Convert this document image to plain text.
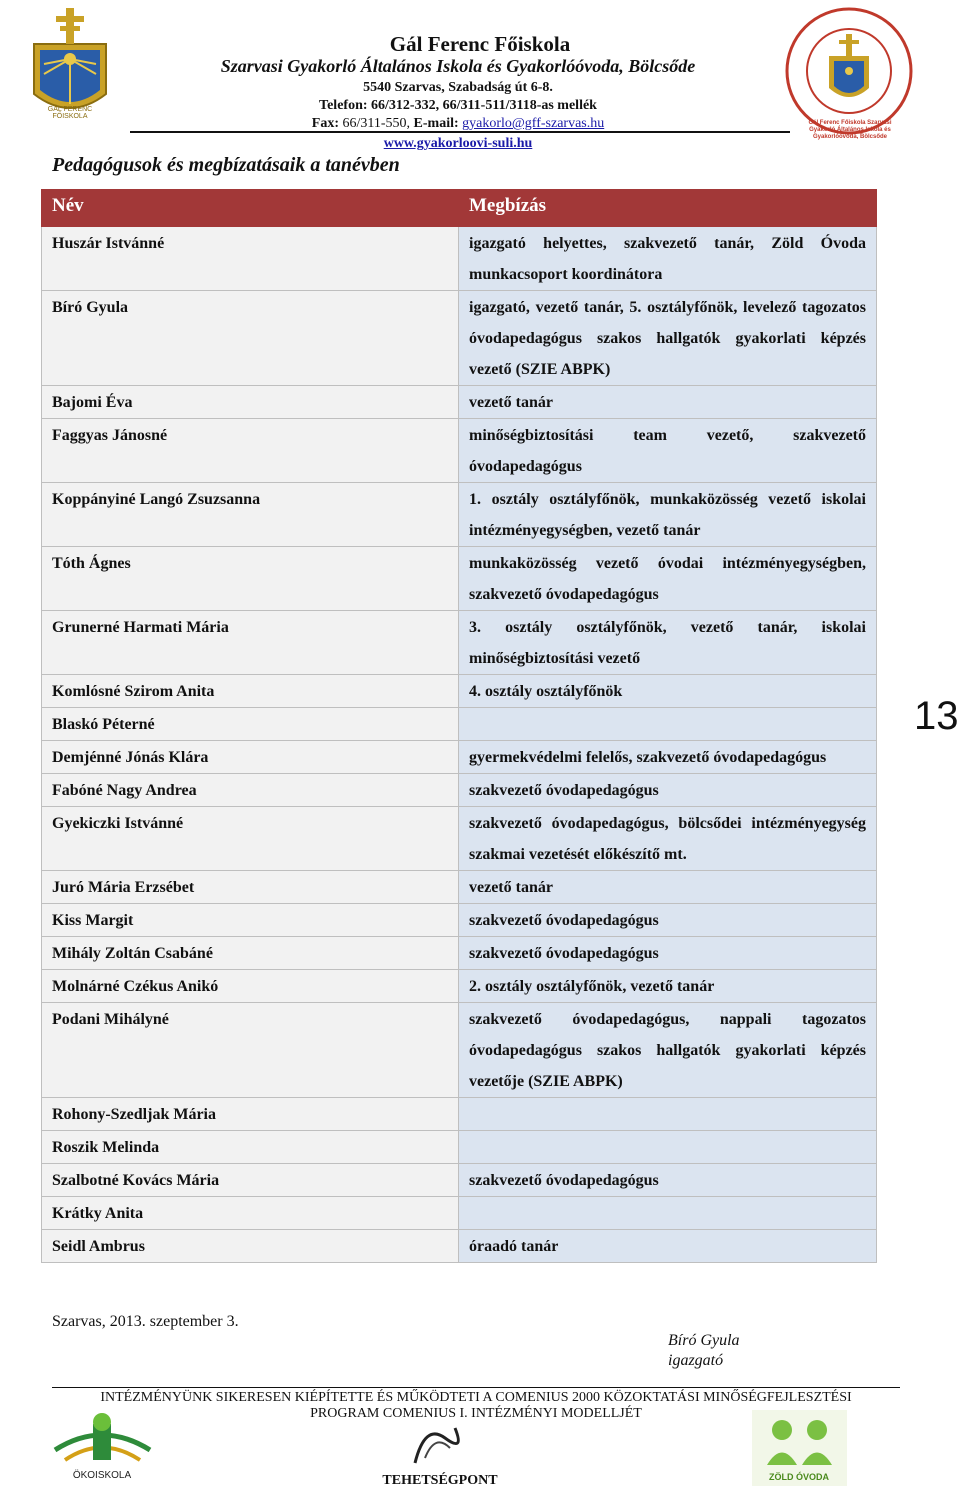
GÁL FERENC FŐISKOLA
Gál Ferenc Főiskola
Szarvasi Gyakorló Általános Iskola és Gyakorlóóvoda, Bölcsőde
5540 Szarvas, Szabadság út 6-8.
Telefon: 66/312-332, 66/311-511/3118-as mellék
Fax: 66/311-550, E-mail: gyakorlo@gff-szarvas.hu
www.gyakorloovi-suli.hu
Gál Ferenc Főiskola Szarvasi Gyakorló Általános Iskola és Gyakorlóóvoda, Bölcsőde
Pedagógusok és megbízatásaik a tanévben
Név	Megbízás
Huszár Istvánné	igazgató helyettes, szakvezető tanár, Zöld Óvoda munkacsoport koordinátora
Bíró Gyula	igazgató, vezető tanár, 5. osztályfőnök, levelező tagozatos óvodapedagógus szakos hallgatók gyakorlati képzés vezető (SZIE ABPK)
Bajomi Éva	vezető tanár
Faggyas Jánosné	minőségbiztosítási team vezető, szakvezető óvodapedagógus
Koppányiné Langó Zsuzsanna	1. osztály osztályfőnök, munkaközösség vezető iskolai intézményegységben, vezető tanár
Tóth Ágnes	munkaközösség vezető óvodai intézményegységben, szakvezető óvodapedagógus
Grunerné Harmati Mária	3. osztály osztályfőnök, vezető tanár, iskolai minőségbiztosítási vezető
Komlósné Szirom Anita	4. osztály osztályfőnök
Blaskó Péterné	
Demjénné Jónás Klára	gyermekvédelmi felelős, szakvezető óvodapedagógus
Fabóné Nagy Andrea	szakvezető óvodapedagógus
Gyekiczki Istvánné	szakvezető óvodapedagógus, bölcsődei intézményegység szakmai vezetését előkészítő mt.
Juró Mária Erzsébet	vezető tanár
Kiss Margit	szakvezető óvodapedagógus
Mihály Zoltán Csabáné	szakvezető óvodapedagógus
Molnárné Czékus Anikó	2. osztály osztályfőnök, vezető tanár
Podani Mihályné	szakvezető óvodapedagógus, nappali tagozatos óvodapedagógus szakos hallgatók gyakorlati képzés vezetője (SZIE ABPK)
Rohony-Szedljak Mária	
Roszik Melinda	
Szalbotné Kovács Mária	szakvezető óvodapedagógus
Krátky Anita	
Seidl Ambrus	óraadó tanár
13
Szarvas, 2013. szeptember 3.
Bíró Gyula
igazgató
INTÉZMÉNYÜNK SIKERESEN KIÉPÍTETTE ÉS MŰKÖDTETI A COMENIUS 2000 KÖZOKTATÁSI MINŐSÉGFEJLESZTÉSI
PROGRAM COMENIUS I. INTÉZMÉNYI MODELLJÉT
ÖKOISKOLA	TEHETSÉGPONT	ZÖLD ÓVODA
